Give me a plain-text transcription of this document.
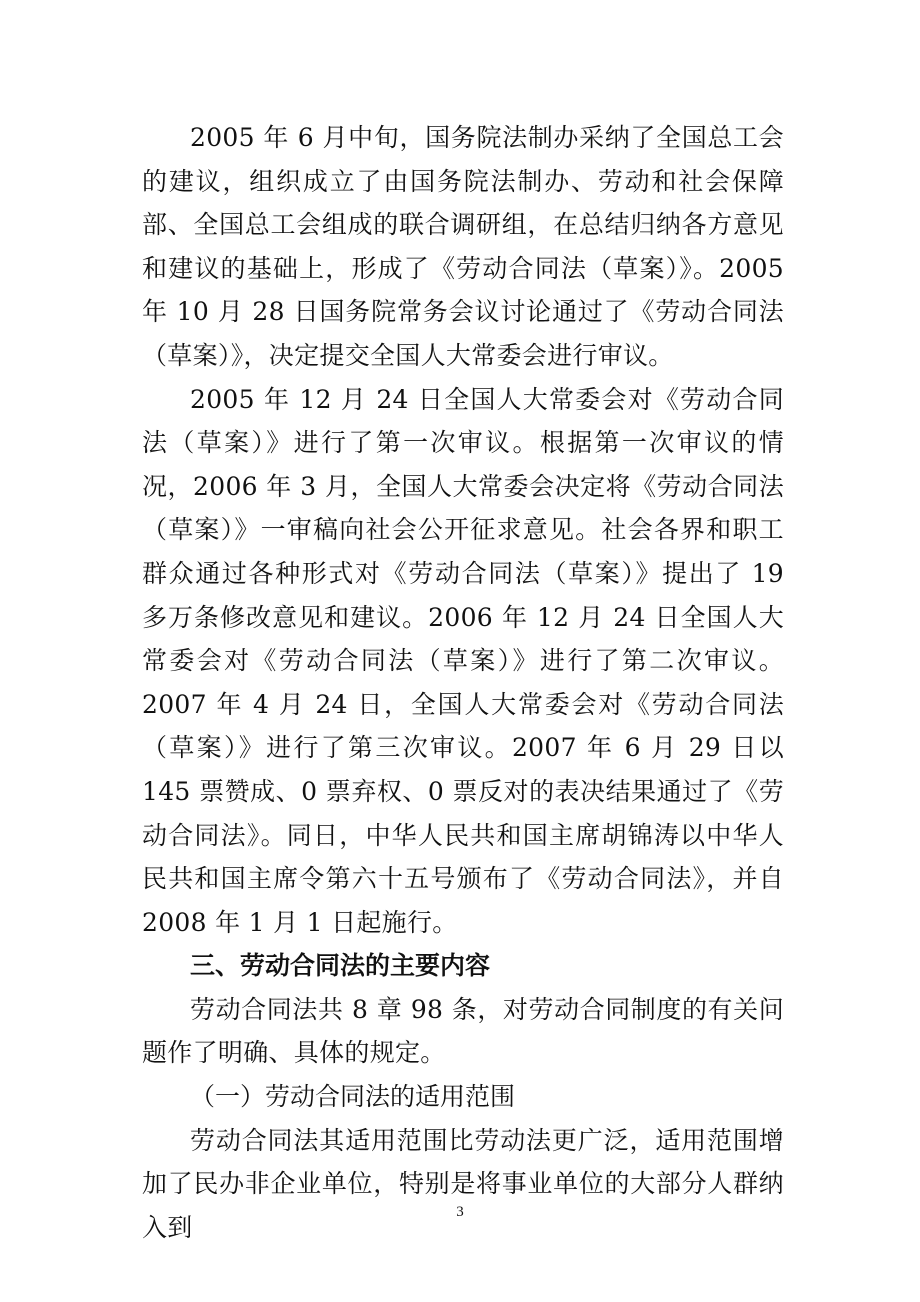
2005 年 6 月中旬，国务院法制办采纳了全国总工会的建议，组织成立了由国务院法制办、劳动和社会保障部、全国总工会组成的联合调研组，在总结归纳各方意见和建议的基础上，形成了《劳动合同法（草案）》。2005 年 10 月 28 日国务院常务会议讨论通过了《劳动合同法（草案）》，决定提交全国人大常委会进行审议。

2005 年 12 月 24 日全国人大常委会对《劳动合同法（草案）》进行了第一次审议。根据第一次审议的情况，2006 年 3 月，全国人大常委会决定将《劳动合同法（草案）》一审稿向社会公开征求意见。社会各界和职工群众通过各种形式对《劳动合同法（草案）》提出了 19 多万条修改意见和建议。2006 年 12 月 24 日全国人大常委会对《劳动合同法（草案）》进行了第二次审议。2007 年 4 月 24 日，全国人大常委会对《劳动合同法（草案）》进行了第三次审议。2007 年 6 月 29 日以 145 票赞成、0 票弃权、0 票反对的表决结果通过了《劳动合同法》。同日，中华人民共和国主席胡锦涛以中华人民共和国主席令第六十五号颁布了《劳动合同法》，并自 2008 年 1 月 1 日起施行。

三、劳动合同法的主要内容

劳动合同法共 8 章 98 条，对劳动合同制度的有关问题作了明确、具体的规定。

（一）劳动合同法的适用范围

劳动合同法其适用范围比劳动法更广泛，适用范围增加了民办非企业单位，特别是将事业单位的大部分人群纳入到

3
